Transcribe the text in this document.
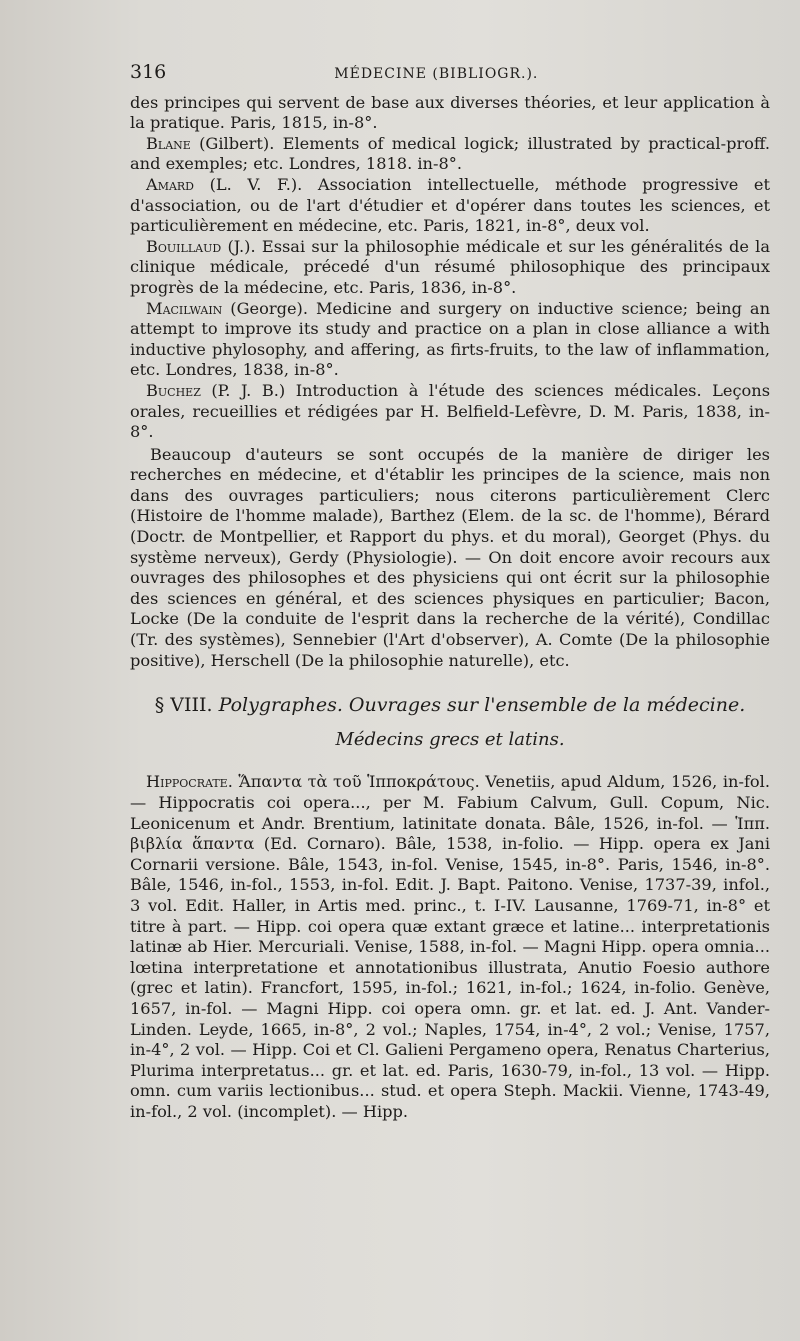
316	MÉDECINE (BIBLIOGR.).

des principes qui servent de base aux diverses théories, et leur application à la pratique. Paris, 1815, in-8°.

Blane (Gilbert). Elements of medical logick; illustrated by practical-proff. and exemples; etc. Londres, 1818. in-8°.

Amard (L. V. F.). Association intellectuelle, méthode progressive et d'association, ou de l'art d'étudier et d'opérer dans toutes les sciences, et particulièrement en médecine, etc. Paris, 1821, in-8°, deux vol.

Bouillaud (J.). Essai sur la philosophie médicale et sur les généralités de la clinique médicale, précedé d'un résumé philosophique des principaux progrès de la médecine, etc. Paris, 1836, in-8°.

Macilwain (George). Medicine and surgery on inductive science; being an attempt to improve its study and practice on a plan in close alliance a with inductive phylosophy, and affering, as firts-fruits, to the law of inflammation, etc. Londres, 1838, in-8°.

Buchez (P. J. B.) Introduction à l'étude des sciences médicales. Leçons orales, recueillies et rédigées par H. Belfield-Lefèvre, D. M. Paris, 1838, in-8°.

Beaucoup d'auteurs se sont occupés de la manière de diriger les recherches en médecine, et d'établir les principes de la science, mais non dans des ouvrages particuliers; nous citerons particulièrement Clerc (Histoire de l'homme malade), Barthez (Elem. de la sc. de l'homme), Bérard (Doctr. de Montpellier, et Rapport du phys. et du moral), Georget (Phys. du système nerveux), Gerdy (Physiologie). — On doit encore avoir recours aux ouvrages des philosophes et des physiciens qui ont écrit sur la philosophie des sciences en général, et des sciences physiques en particulier; Bacon, Locke (De la conduite de l'esprit dans la recherche de la vérité), Condillac (Tr. des systèmes), Sennebier (l'Art d'observer), A. Comte (De la philosophie positive), Herschell (De la philosophie naturelle), etc.

§ VIII. Polygraphes. Ouvrages sur l'ensemble de la médecine.

Médecins grecs et latins.

Hippocrate. Ἅπαντα τὰ τοῦ Ἱπποκράτους. Venetiis, apud Aldum, 1526, in-fol. — Hippocratis coi opera..., per M. Fabium Calvum, Gull. Copum, Nic. Leonicenum et Andr. Brentium, latinitate donata. Bâle, 1526, in-fol. — Ἱππ. βιβλία ἅπαντα (Ed. Cornaro). Bâle, 1538, in-folio. — Hipp. opera ex Jani Cornarii versione. Bâle, 1543, in-fol. Venise, 1545, in-8°. Paris, 1546, in-8°. Bâle, 1546, in-fol., 1553, in-fol. Edit. J. Bapt. Paitono. Venise, 1737-39, infol., 3 vol. Edit. Haller, in Artis med. princ., t. I-IV. Lausanne, 1769-71, in-8° et titre à part. — Hipp. coi opera quæ extant græce et latine... interpretationis latinæ ab Hier. Mercuriali. Venise, 1588, in-fol. — Magni Hipp. opera omnia... lœtina interpretatione et annotationibus illustrata, Anutio Foesio authore (grec et latin). Francfort, 1595, in-fol.; 1621, in-fol.; 1624, in-folio. Genève, 1657, in-fol. — Magni Hipp. coi opera omn. gr. et lat. ed. J. Ant. Vander-Linden. Leyde, 1665, in-8°, 2 vol.; Naples, 1754, in-4°, 2 vol.; Venise, 1757, in-4°, 2 vol. — Hipp. Coi et Cl. Galieni Pergameno opera, Renatus Charterius, Plurima interpretatus... gr. et lat. ed. Paris, 1630-79, in-fol., 13 vol. — Hipp. omn. cum variis lectionibus... stud. et opera Steph. Mackii. Vienne, 1743-49, in-fol., 2 vol. (incomplet). — Hipp.
